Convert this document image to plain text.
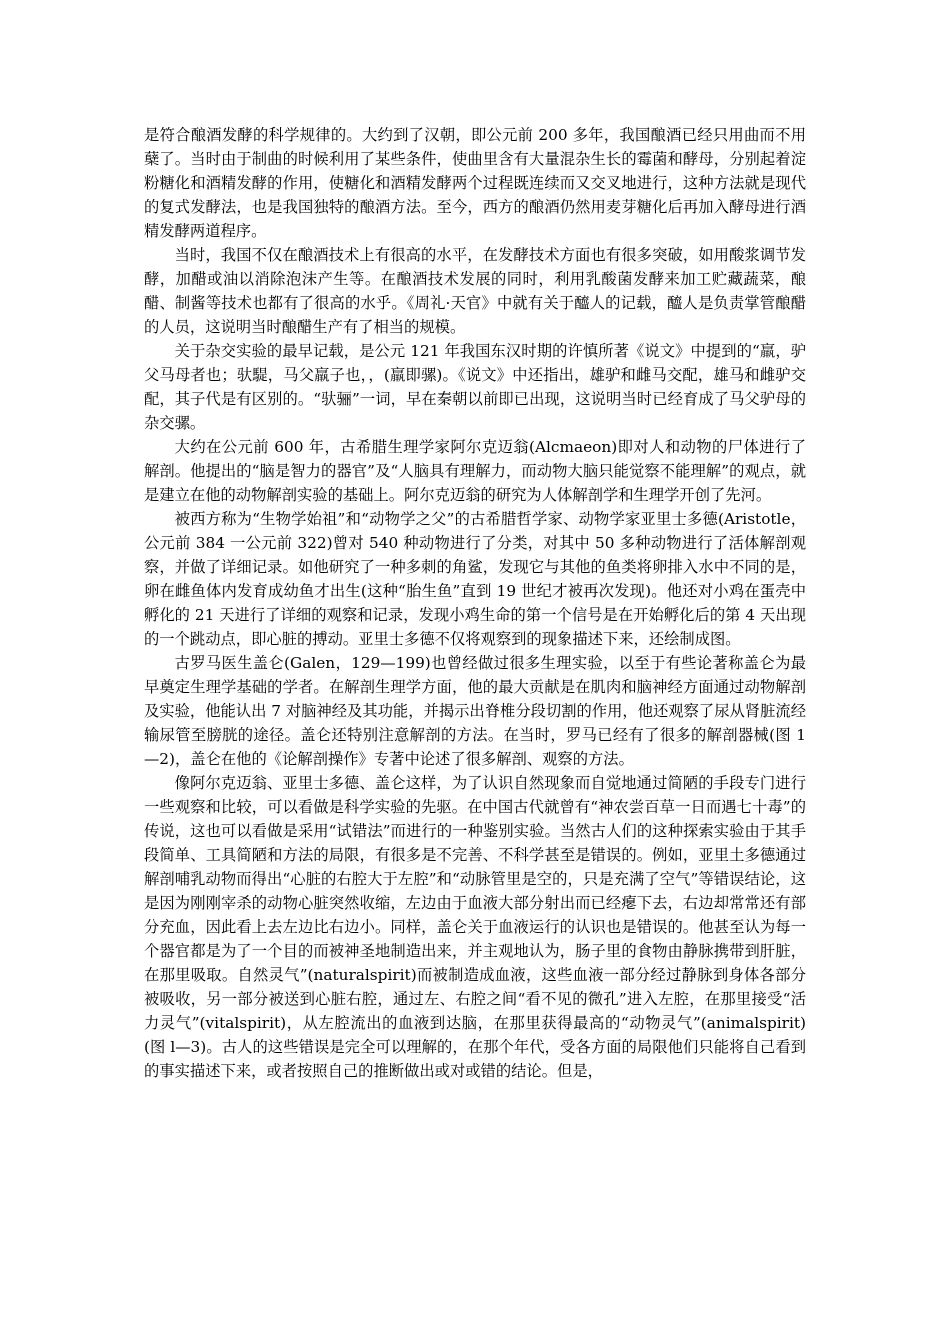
是符合酿酒发酵的科学规律的。大约到了汉朝，即公元前 200 多年，我国酿酒已经只用曲而不用蘖了。当时由于制曲的时候利用了某些条件，使曲里含有大量混杂生长的霉菌和酵母，分别起着淀粉糖化和酒精发酵的作用，使糖化和酒精发酵两个过程既连续而又交叉地进行，这种方法就是现代的复式发酵法，也是我国独特的酿酒方法。至今，西方的酿酒仍然用麦芽糖化后再加入酵母进行酒精发酵两道程序。

当时，我国不仅在酿酒技术上有很高的水平，在发酵技术方面也有很多突破，如用酸浆调节发酵，加醋或油以消除泡沫产生等。在酿酒技术发展的同时，利用乳酸菌发酵来加工贮藏蔬菜，酿醋、制酱等技术也都有了很高的水乎。《周礼·天官》中就有关于醯人的记载，醯人是负责掌管酿醋的人员，这说明当时酿醋生产有了相当的规模。

关于杂交实验的最早记载，是公元 121 年我国东汉时期的许慎所著《说文》中提到的“羸，驴父马母者也；驮騠，马父羸子也，，(羸即骡)。《说文》中还指出，雄驴和雌马交配，雄马和雌驴交配，其子代是有区别的。“驮骊”一词，早在秦朝以前即已出现，这说明当时已经育成了马父驴母的杂交骡。

大约在公元前 600 年，古希腊生理学家阿尔克迈翁(Alcmaeon)即对人和动物的尸体进行了解剖。他提出的“脑是智力的器官”及“人脑具有理解力，而动物大脑只能觉察不能理解”的观点，就是建立在他的动物解剖实验的基础上。阿尔克迈翁的研究为人体解剖学和生理学开创了先河。

被西方称为“生物学始祖”和“动物学之父”的古希腊哲学家、动物学家亚里士多德(Aristotle，公元前 384 一公元前 322)曾对 540 种动物进行了分类，对其中 50 多种动物进行了活体解剖观察，并做了详细记录。如他研究了一种多刺的角鲨，发现它与其他的鱼类将卵排入水中不同的是，卵在雌鱼体内发育成幼鱼才出生(这种“胎生鱼”直到 19 世纪才被再次发现)。他还对小鸡在蛋壳中孵化的 21 天进行了详细的观察和记录，发现小鸡生命的第一个信号是在开始孵化后的第 4 天出现的一个跳动点，即心脏的搏动。亚里士多德不仅将观察到的现象描述下来，还绘制成图。

古罗马医生盖仑(Galen，129—199)也曾经做过很多生理实验，以至于有些论著称盖仑为最早奠定生理学基础的学者。在解剖生理学方面，他的最大贡献是在肌肉和脑神经方面通过动物解剖及实验，他能认出 7 对脑神经及其功能，并揭示出脊椎分段切割的作用，他还观察了尿从肾脏流经输尿管至膀胱的途径。盖仑还特别注意解剖的方法。在当时，罗马已经有了很多的解剖器械(图 1—2)，盖仑在他的《论解剖操作》专著中论述了很多解剖、观察的方法。

像阿尔克迈翁、亚里士多德、盖仑这样，为了认识自然现象而自觉地通过简陋的手段专门进行一些观察和比较，可以看做是科学实验的先驱。在中国古代就曾有“神农尝百草一日而遇七十毒”的传说，这也可以看做是采用“试错法”而进行的一种鉴别实验。当然古人们的这种探索实验由于其手段简单、工具简陋和方法的局限，有很多是不完善、不科学甚至是错误的。例如，亚里土多德通过解剖哺乳动物而得出“心脏的右腔大于左腔”和“动脉管里是空的，只是充满了空气”等错误结论，这是因为刚刚宰杀的动物心脏突然收缩，左边由于血液大部分射出而已经瘪下去，右边却常常还有部分充血，因此看上去左边比右边小。同样，盖仑关于血液运行的认识也是错误的。他甚至认为每一个器官都是为了一个目的而被神圣地制造出来，并主观地认为，肠子里的食物由静脉携带到肝脏，在那里吸取。自然灵气”(naturalspirit)而被制造成血液，这些血液一部分经过静脉到身体各部分被吸收，另一部分被送到心脏右腔，通过左、右腔之间“看不见的微孔”进入左腔，在那里接受“活力灵气”(vitalspirit)，从左腔流出的血液到达脑，在那里获得最高的“动物灵气”(animalspirit)(图 l—3)。古人的这些错误是完全可以理解的，在那个年代，受各方面的局限他们只能将自己看到的事实描述下来，或者按照自己的推断做出或对或错的结论。但是，
